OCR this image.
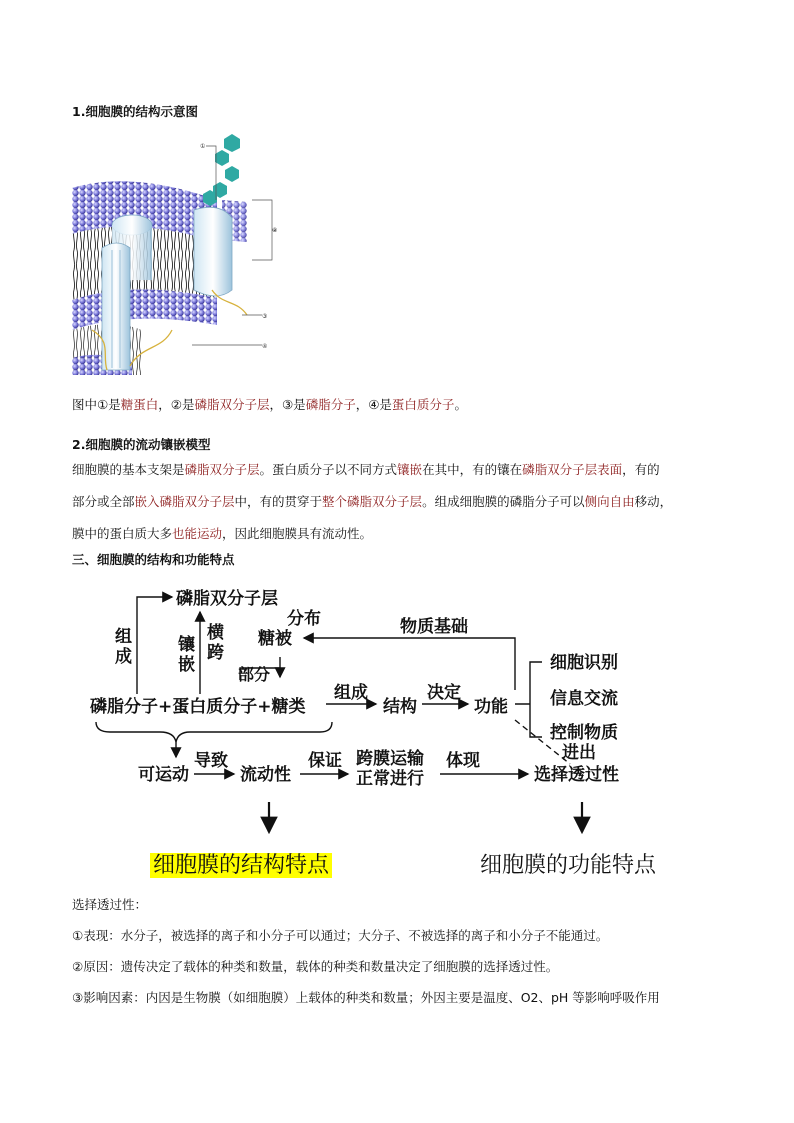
1.细胞膜的结构示意图
①
②
③
④
图中①是糖蛋白，②是磷脂双分子层，③是磷脂分子，④是蛋白质分子。
2.细胞膜的流动镶嵌模型
细胞膜的基本支架是磷脂双分子层。蛋白质分子以不同方式镶嵌在其中，有的镶在磷脂双分子层表面，有的
部分或全部嵌入磷脂双分子层中，有的贯穿于整个磷脂双分子层。组成细胞膜的磷脂分子可以侧向自由移动，
膜中的蛋白质大多也能运动，因此细胞膜具有流动性。
三、细胞膜的结构和功能特点
磷脂双分子层
组
成
镶
嵌
横
跨
分布
糖被
部分
物质基础
磷脂分子+蛋白质分子+糖类
组成
结构
决定
功能
细胞识别
信息交流
控制物质
进出
可运动
导致
流动性
保证 跨膜运输
正常进行
体现
选择透过性
细胞膜的结构特点	细胞膜的功能特点
选择透过性：
①表现：水分子，被选择的离子和小分子可以通过；大分子、不被选择的离子和小分子不能通过。
②原因：遗传决定了载体的种类和数量，载体的种类和数量决定了细胞膜的选择透过性。
③影响因素：内因是生物膜（如细胞膜）上载体的种类和数量；外因主要是温度、O2、pH 等影响呼吸作用
